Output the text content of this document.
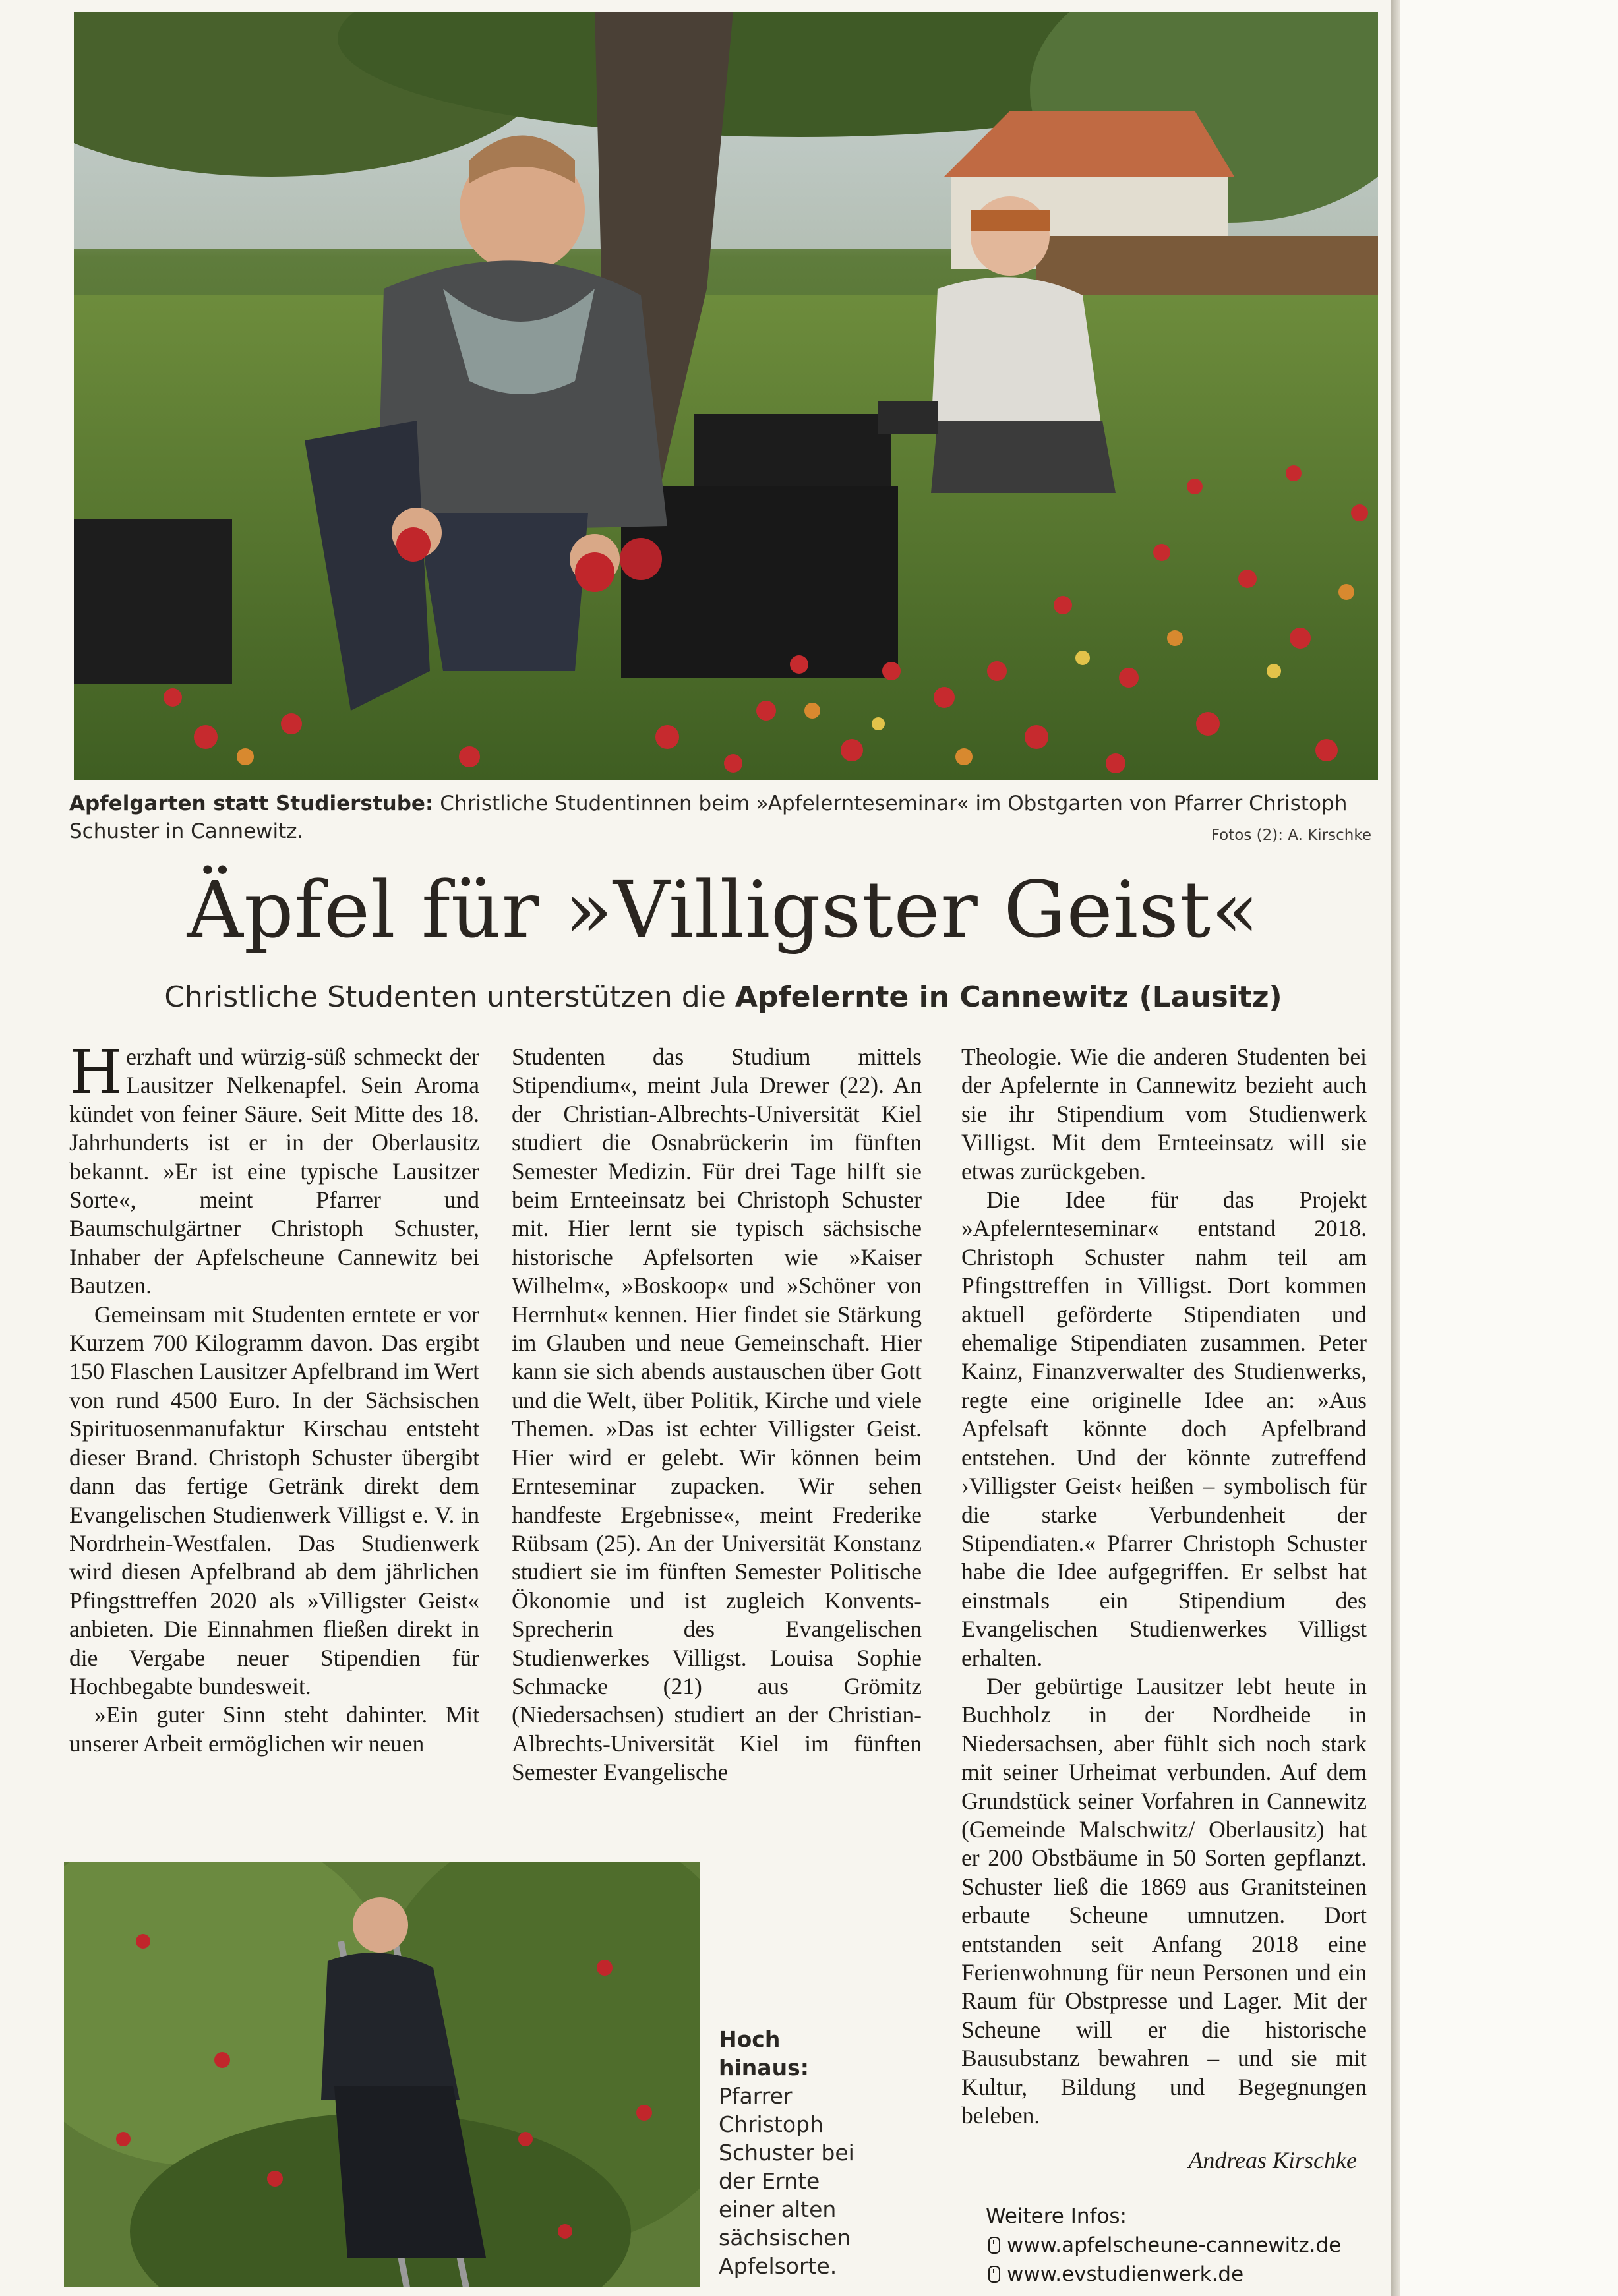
Apfelgarten statt Studierstube: Christliche Studentinnen beim »Apfelernteseminar« im Obstgarten von Pfarrer Christoph Schuster in Cannewitz.	Fotos (2): A. Kirschke
Äpfel für »Villigster Geist«
Christliche Studenten unterstützen die Apfelernte in Cannewitz (Lausitz)

Herzhaft und würzig-süß schmeckt der Lausitzer Nelkenapfel. Sein Aroma kündet von feiner Säure. Seit Mitte des 18. Jahrhunderts ist er in der Oberlausitz bekannt. »Er ist eine typische Lausitzer Sorte«, meint Pfarrer und Baumschulgärtner Christoph Schuster, Inhaber der Apfelscheune Cannewitz bei Bautzen.

Gemeinsam mit Studenten erntete er vor Kurzem 700 Kilogramm davon. Das ergibt 150 Flaschen Lausitzer Apfelbrand im Wert von rund 4500 Euro. In der Sächsischen Spirituosenmanufaktur Kirschau entsteht dieser Brand. Christoph Schuster übergibt dann das fertige Getränk direkt dem Evangelischen Studienwerk Villigst e. V. in Nordrhein-Westfalen. Das Studienwerk wird diesen Apfelbrand ab dem jährlichen Pfingsttreffen 2020 als »Villigster Geist« anbieten. Die Einnahmen fließen direkt in die Vergabe neuer Stipendien für Hochbegabte bundesweit.

»Ein guter Sinn steht dahinter. Mit unserer Arbeit ermöglichen wir neuen

Studenten das Studium mittels Stipendium«, meint Jula Drewer (22). An der Christian-Albrechts-Universität Kiel studiert die Osnabrückerin im fünften Semester Medizin. Für drei Tage hilft sie beim Ernteeinsatz bei Christoph Schuster mit. Hier lernt sie typisch sächsische historische Apfelsorten wie »Kaiser Wilhelm«, »Boskoop« und »Schöner von Herrnhut« kennen. Hier findet sie Stärkung im Glauben und neue Gemeinschaft. Hier kann sie sich abends austauschen über Gott und die Welt, über Politik, Kirche und viele Themen. »Das ist echter Villigster Geist. Hier wird er gelebt. Wir können beim Ernteseminar zupacken. Wir sehen handfeste Ergebnisse«, meint Frederike Rübsam (25). An der Universität Konstanz studiert sie im fünften Semester Politische Ökonomie und ist zugleich Konvents-Sprecherin des Evangelischen Studienwerkes Villigst. Louisa Sophie Schmacke (21) aus Grömitz (Niedersachsen) studiert an der Christian-Albrechts-Universität Kiel im fünften Semester Evangelische

Theologie. Wie die anderen Studenten bei der Apfelernte in Cannewitz bezieht auch sie ihr Stipendium vom Studienwerk Villigst. Mit dem Ernteeinsatz will sie etwas zurückgeben.

Die Idee für das Projekt »Apfelernteseminar« entstand 2018. Christoph Schuster nahm teil am Pfingsttreffen in Villigst. Dort kommen aktuell geförderte Stipendiaten und ehemalige Stipendiaten zusammen. Peter Kainz, Finanzverwalter des Studienwerks, regte eine originelle Idee an: »Aus Apfelsaft könnte doch Apfelbrand entstehen. Und der könnte zutreffend ›Villigster Geist‹ heißen – symbolisch für die starke Verbundenheit der Stipendiaten.« Pfarrer Christoph Schuster habe die Idee aufgegriffen. Er selbst hat einstmals ein Stipendium des Evangelischen Studienwerkes Villigst erhalten.

Der gebürtige Lausitzer lebt heute in Buchholz in der Nordheide in Niedersachsen, aber fühlt sich noch stark mit seiner Urheimat verbunden. Auf dem Grundstück seiner Vorfahren in Cannewitz (Gemeinde Malschwitz/ Oberlausitz) hat er 200 Obstbäume in 50 Sorten gepflanzt. Schuster ließ die 1869 aus Granitsteinen erbaute Scheune umnutzen. Dort entstanden seit Anfang 2018 eine Ferienwohnung für neun Personen und ein Raum für Obstpresse und Lager. Mit der Scheune will er die historische Bausubstanz bewahren – und sie mit Kultur, Bildung und Begegnungen beleben.

Andreas Kirschke
Hoch hinaus:
Pfarrer Christoph Schuster bei der Ernte einer alten sächsischen Apfelsorte.
Weitere Infos:
www.apfelscheune-cannewitz.de
www.evstudienwerk.de
